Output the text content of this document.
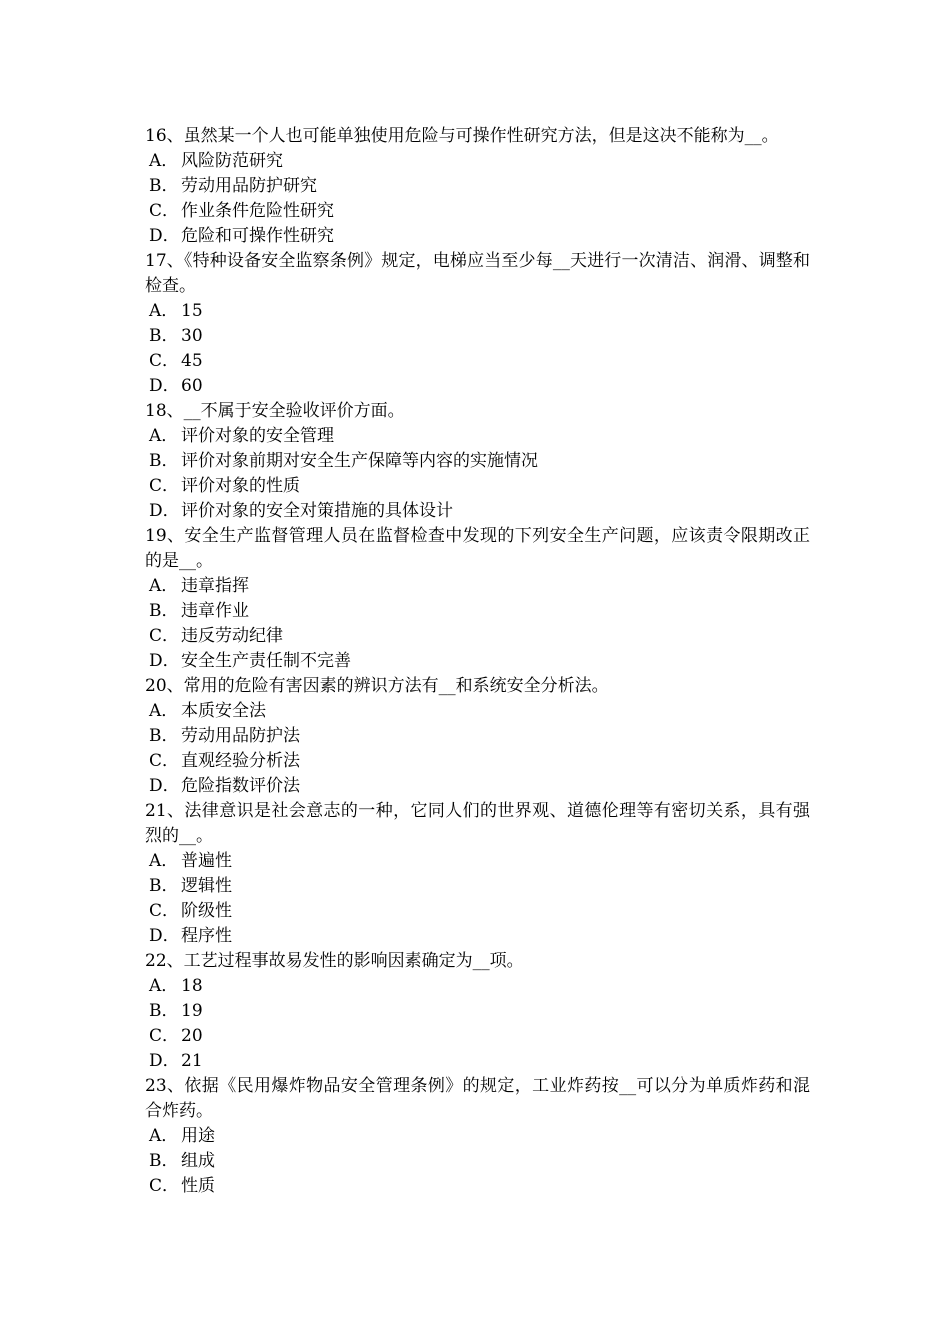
16、虽然某一个人也可能单独使用危险与可操作性研究方法，但是这决不能称为__。
A． 风险防范研究
B． 劳动用品防护研究
C． 作业条件危险性研究
D．危险和可操作性研究
17、《特种设备安全监察条例》规定，电梯应当至少每__天进行一次清洁、润滑、调整和检查。
A． 15
B． 30
C． 45
D．60
18、__不属于安全验收评价方面。
A． 评价对象的安全管理
B． 评价对象前期对安全生产保障等内容的实施情况
C． 评价对象的性质
D．评价对象的安全对策措施的具体设计
19、安全生产监督管理人员在监督检查中发现的下列安全生产问题，应该责令限期改正的是__。
A． 违章指挥
B． 违章作业
C． 违反劳动纪律
D．安全生产责任制不完善
20、常用的危险有害因素的辨识方法有__和系统安全分析法。
A． 本质安全法
B． 劳动用品防护法
C． 直观经验分析法
D．危险指数评价法
21、法律意识是社会意志的一种，它同人们的世界观、道德伦理等有密切关系，具有强烈的__。
A． 普遍性
B． 逻辑性
C． 阶级性
D．程序性
22、工艺过程事故易发性的影响因素确定为__项。
A． 18
B． 19
C． 20
D．21
23、依据《民用爆炸物品安全管理条例》的规定，工业炸药按__可以分为单质炸药和混合炸药。
A． 用途
B． 组成
C． 性质
